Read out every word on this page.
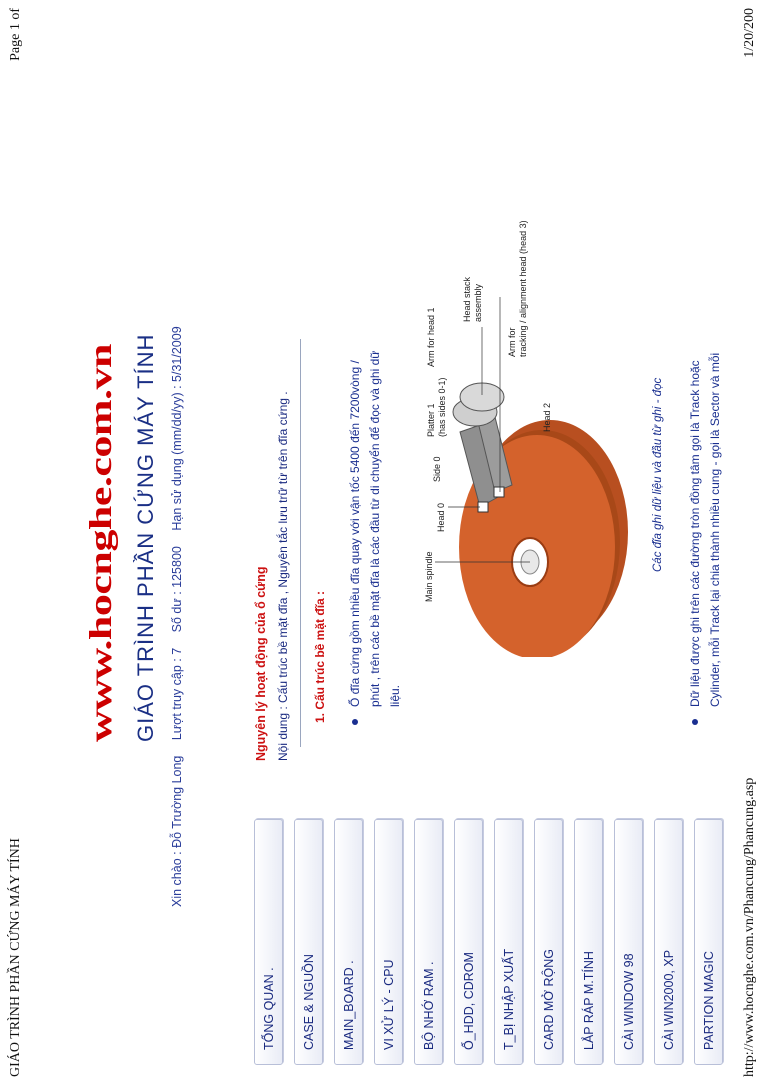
GIÁO TRÌNH PHẦN CỨNG MÁY TÍNH
Page 1 of
www.hocnghe.com.vn GIÁO TRÌNH PHẦN CỨNG MÁY TÍNH
Xin chào : Đỗ Trường Long Lượt truy cập : 7 Số dư : 125800 Hạn sử dụng (mm/dd/yy) : 5/31/2009
TỔNG QUAN .	CASE & NGUỒN	MAIN_BOARD .	VI XỬ LÝ - CPU	BỘ NHỚ RAM .	Ổ_HDD, CDROM	T_BỊ NHẬP XUẤT	CARD MỞ RỘNG	LẮP RÁP M.TÍNH	CÀI WINDOW 98	CÀI WIN2000, XP	PARTION MAGIC
Nguyên lý hoạt động của ổ cứng Nội dung : Cấu trúc bề mặt đĩa , Nguyên tắc lưu trữ từ trên đĩa cứng . 1. Cấu trúc bề mặt đĩa : Ổ đĩa cứng gồm nhiều đĩa quay với vận tốc 5400 đến 7200vòng / phút , trên các bề mặt đĩa là các đầu từ di chuyển để đọc và ghi dữ liệu.
Main spindle
Head 0
Side 0
Platter 1 (has sides 0-1)
Arm for head 1
Head stack assembly
Arm for tracking / alignment head (head 3)
Head 2	Các đĩa ghi dữ liệu và đầu từ ghi - đọc Dữ liệu được ghi trên các đường tròn đồng tâm gọi là Track hoặc Cylinder, mỗi Track lại chia thành nhiều cung - gọi là Sector và mỗi
http://www.hocnghe.com.vn/Phancung/Phancung.asp
1/20/200
